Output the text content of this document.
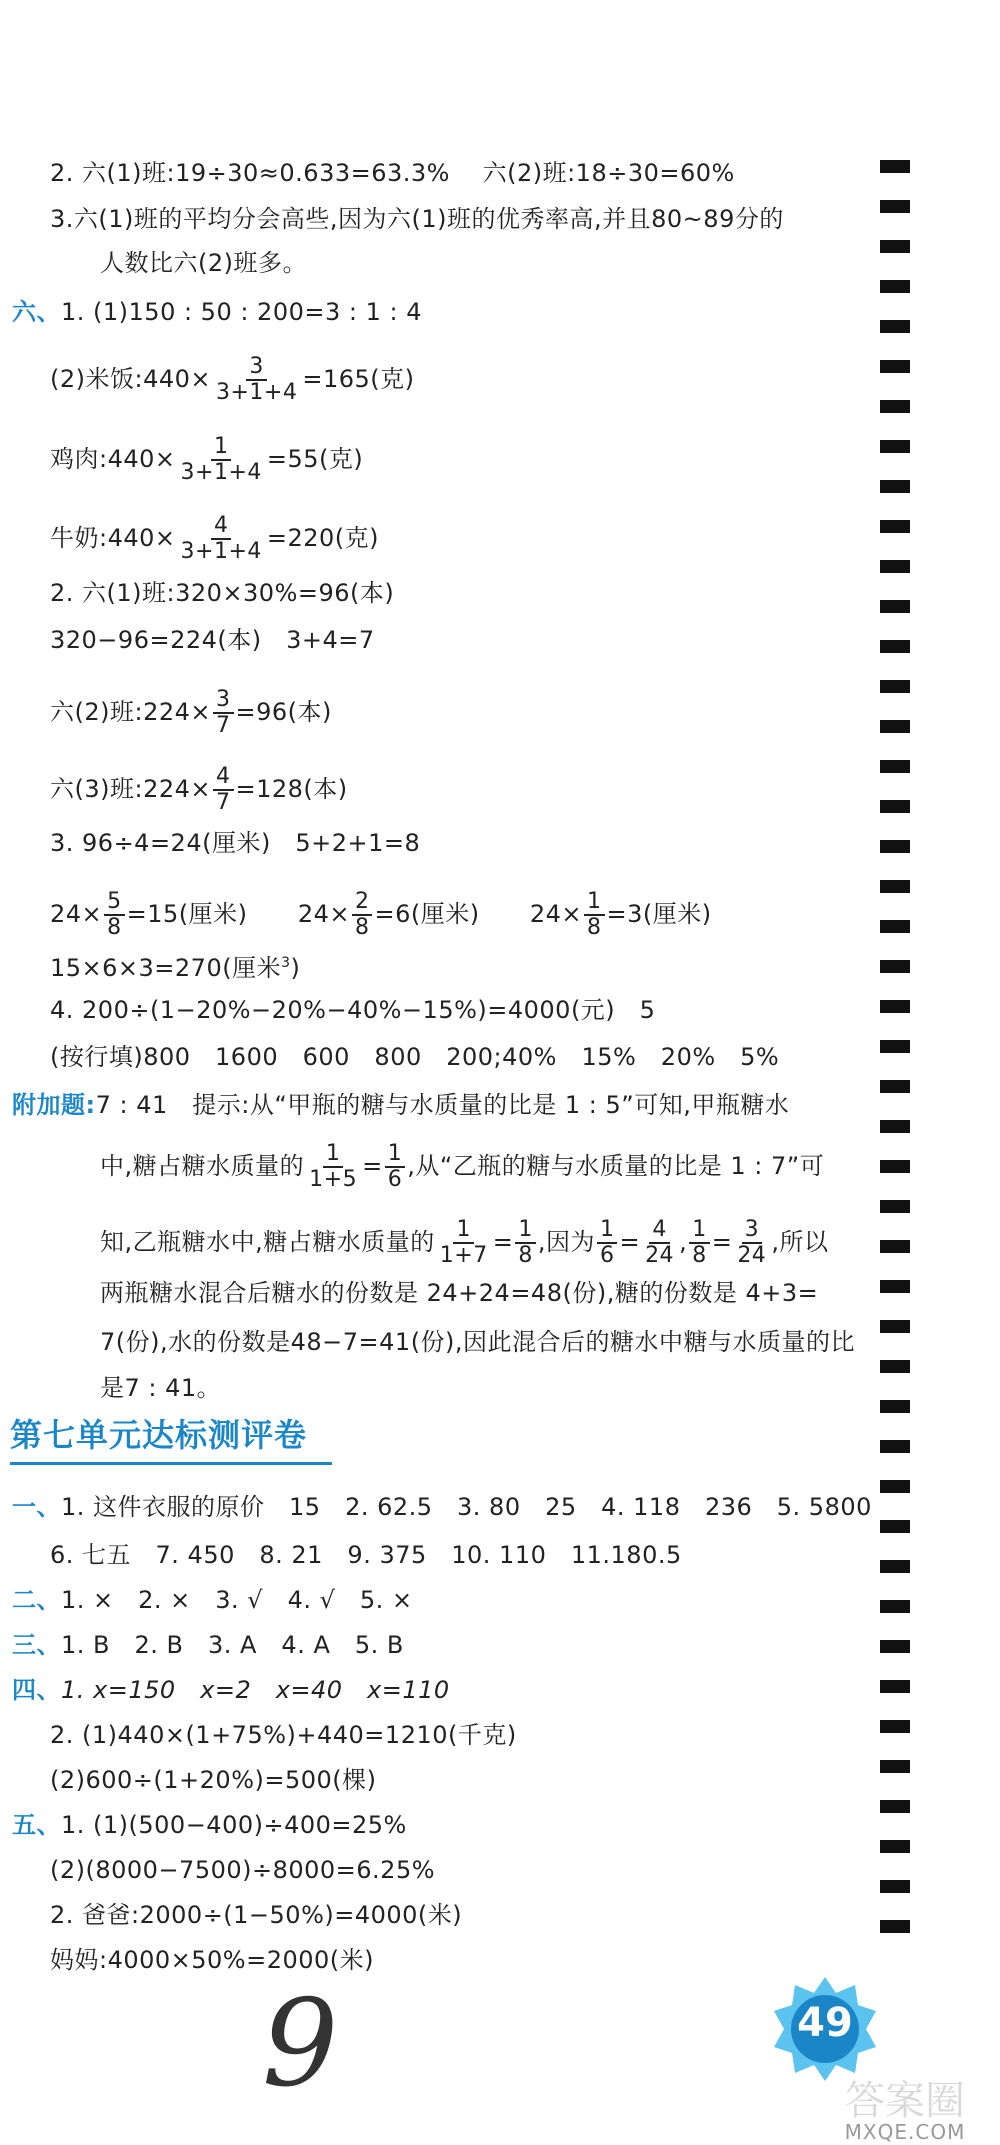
2. 六(1)班:19÷30≈0.633=63.3%　 六(2)班:18÷30=60%
3.六(1)班的平均分会高些,因为六(1)班的优秀率高,并且80~89分的
人数比六(2)班多。
六、1. (1)150 : 50 : 200=3 : 1 : 4
(2)米饭:440× $\frac{3}{3+1+4} =165$(克)
鸡肉:440× $\frac{1}{3+1+4} =55$(克)
牛奶:440× $\frac{4}{3+1+4} =220$(克)
2. 六(1)班:320×30%=96(本)
320−96=224(本)　3+4=7
六(2)班:224× $\frac{3}{7} =96$(本)
六(3)班:224× $\frac{4}{7} =128$(本)
3. 96÷4=24(厘米)　5+2+1=8
$24\times \frac{5}{8} =15$(厘米) $24\times \frac{2}{8} =6$(厘米) $24\times \frac{1}{8} =3$(厘米)
15×6×3=270(厘米$^3$)
4. 200÷(1−20%−20%−40%−15%)=4000(元)　5
(按行填)800　1600　600　800　200;40%　15%　20%　5%
附加题:7 : 41　提示:从“甲瓶的糖与水质量的比是 1 : 5”可知,甲瓶糖水
中,糖占糖水质量的 $\frac{1}{1+5} = \frac{1}{6}$ ,从“乙瓶的糖与水质量的比是 1 : 7”可
知,乙瓶糖水中,糖占糖水质量的 $\frac{1}{1+7} = \frac{1}{8}$ ,因为 $\frac{1}{6} = \frac{4}{24}$ , $\frac{1}{8} = \frac{3}{24}$ ,所以
两瓶糖水混合后糖水的份数是 24+24=48(份),糖的份数是 4+3=
7(份),水的份数是48−7=41(份),因此混合后的糖水中糖与水质量的比
是7 : 41。
第七单元达标测评卷
一、1. 这件衣服的原价　15　2. 62.5　3. 80　25　4. 118　236　5. 5800
6. 七五　7. 450　8. 21　9. 375　10. 110　11.180.5
二、1. ×　2. ×　3. √　4. √　5. ×
三、1. B　2. B　3. A　4. A　5. B
四、1. x=150　x=2　x=40　x=110
2. (1)440×(1+75%)+440=1210(千克)
(2)600÷(1+20%)=500(棵)
五、1. (1)(500−400)÷400=25%
(2)(8000−7500)÷8000=6.25%
2. 爸爸:2000÷(1−50%)=4000(米)
妈妈:4000×50%=2000(米)
9	49
答案圈
MXQE.COM
